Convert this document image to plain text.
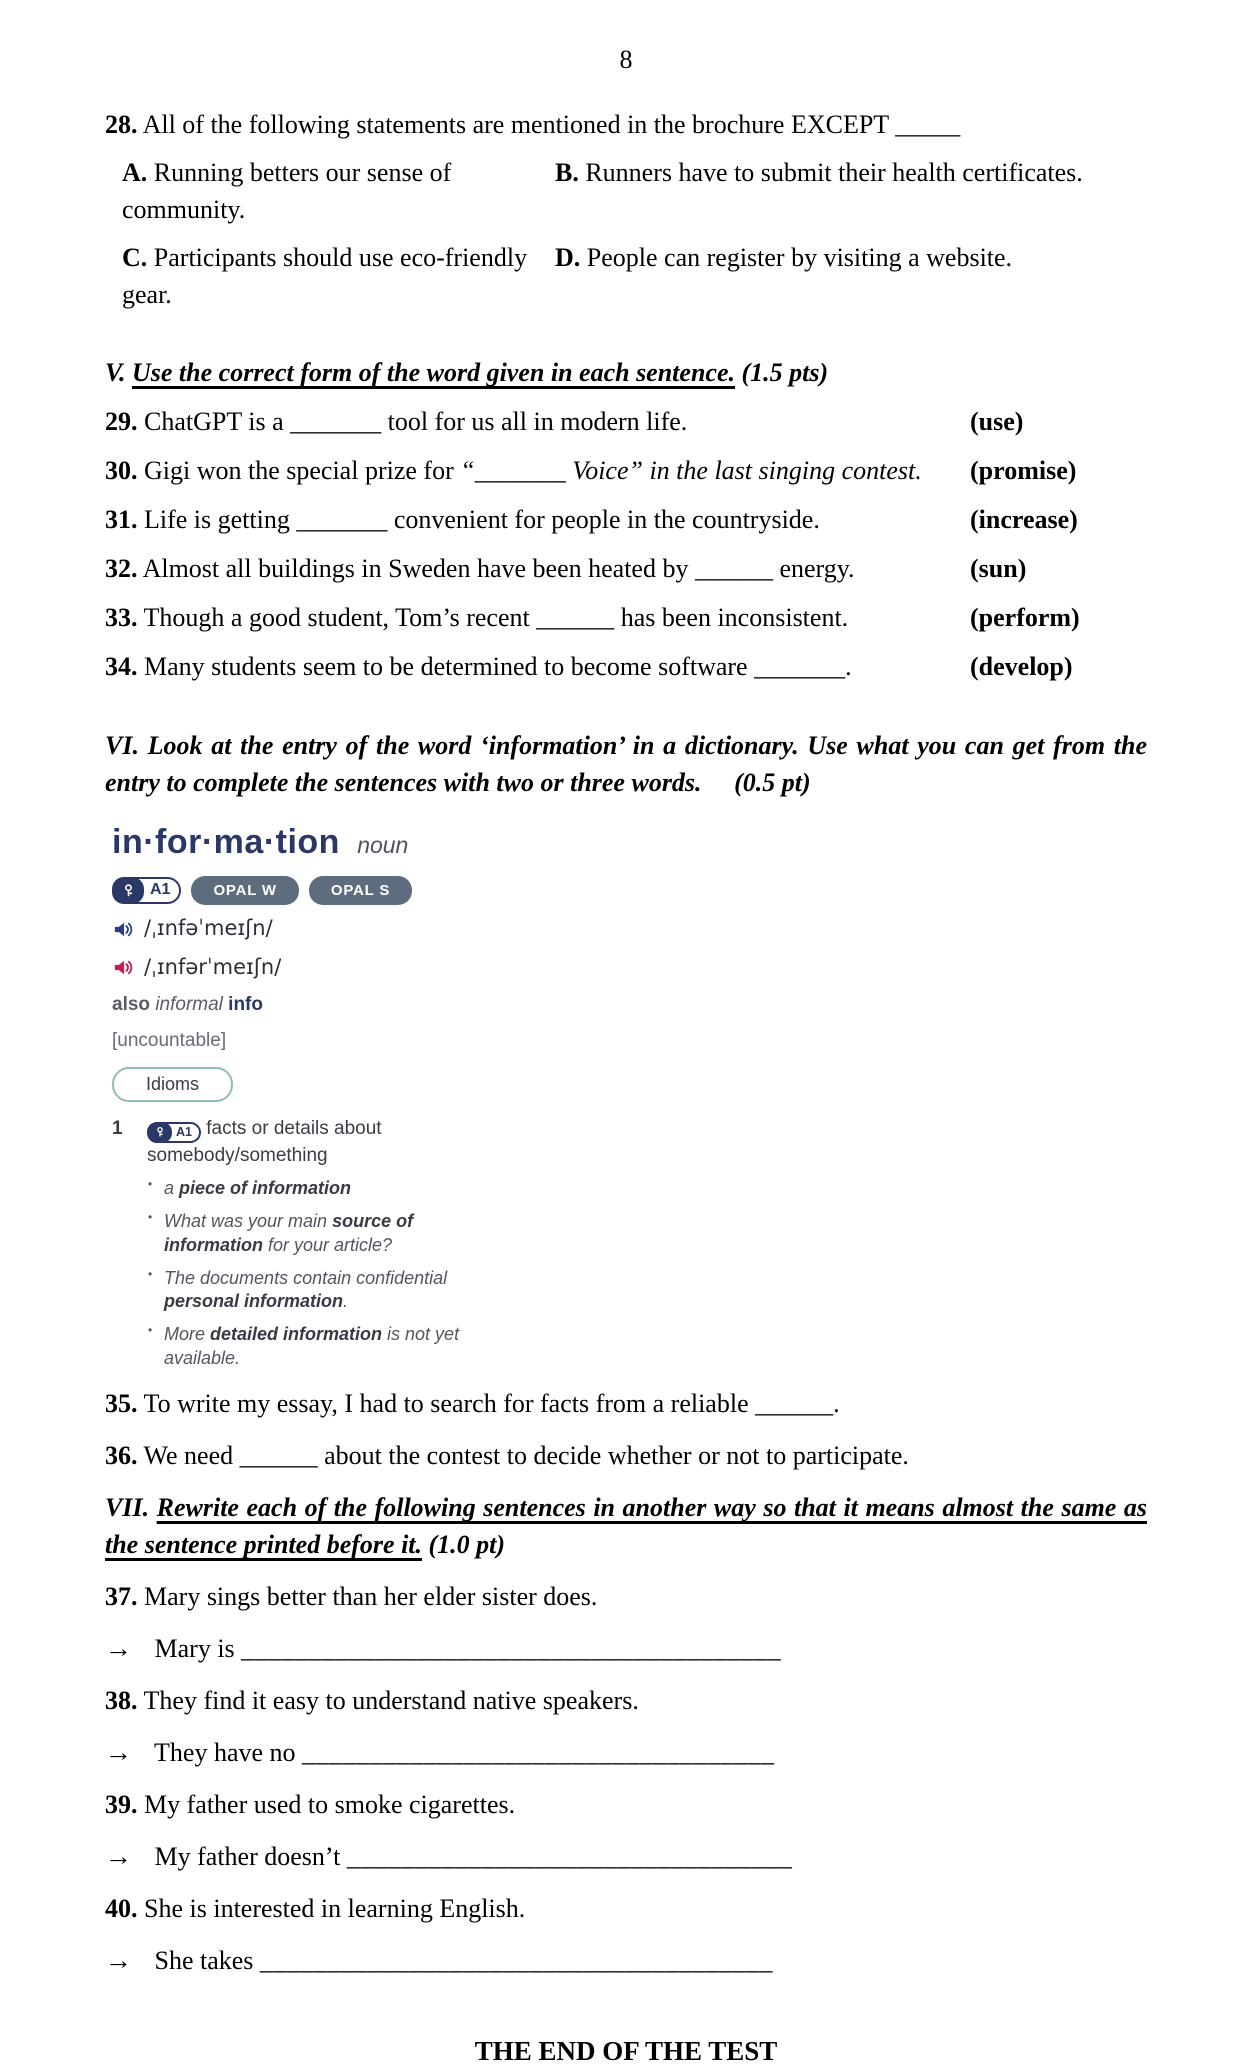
8

28. All of the following statements are mentioned in the brochure EXCEPT _____

A. Running betters our sense of community.

B. Runners have to submit their health certificates.

C. Participants should use eco-friendly gear.

D. People can register by visiting a website.

V. Use the correct form of the word given in each sentence. (1.5 pts)

29. ChatGPT is a _______ tool for us all in modern life.	(use)
30. Gigi won the special prize for “_______ Voice” in the last singing contest.	(promise)
31. Life is getting _______ convenient for people in the countryside.	(increase)
32. Almost all buildings in Sweden have been heated by ______ energy.	(sun)
33. Though a good student, Tom’s recent ______ has been inconsistent.	(perform)
34. Many students seem to be determined to become software _______.	(develop)

VI. Look at the entry of the word ‘information’ in a dictionary. Use what you can get from the entry to complete the sentences with two or three words. (0.5 pt)

in·for·ma·tion noun
A1	OPAL W	OPAL S
/ˌɪnfəˈmeɪʃn/
/ˌɪnfərˈmeɪʃn/
also informal info
[uncountable]
Idioms
1	A1 facts or details about somebody/something
• a piece of information
• What was your main source of information for your article?
• The documents contain confidential personal information.
• More detailed information is not yet available.

35. To write my essay, I had to search for facts from a reliable ______.

36. We need ______ about the contest to decide whether or not to participate.

VII. Rewrite each of the following sentences in another way so that it means almost the same as the sentence printed before it. (1.0 pt)

37. Mary sings better than her elder sister does.

→ Mary is ________________________________________

38. They find it easy to understand native speakers.

→ They have no ___________________________________

39. My father used to smoke cigarettes.

→ My father doesn’t _________________________________

40. She is interested in learning English.

→ She takes ______________________________________

THE END OF THE TEST
